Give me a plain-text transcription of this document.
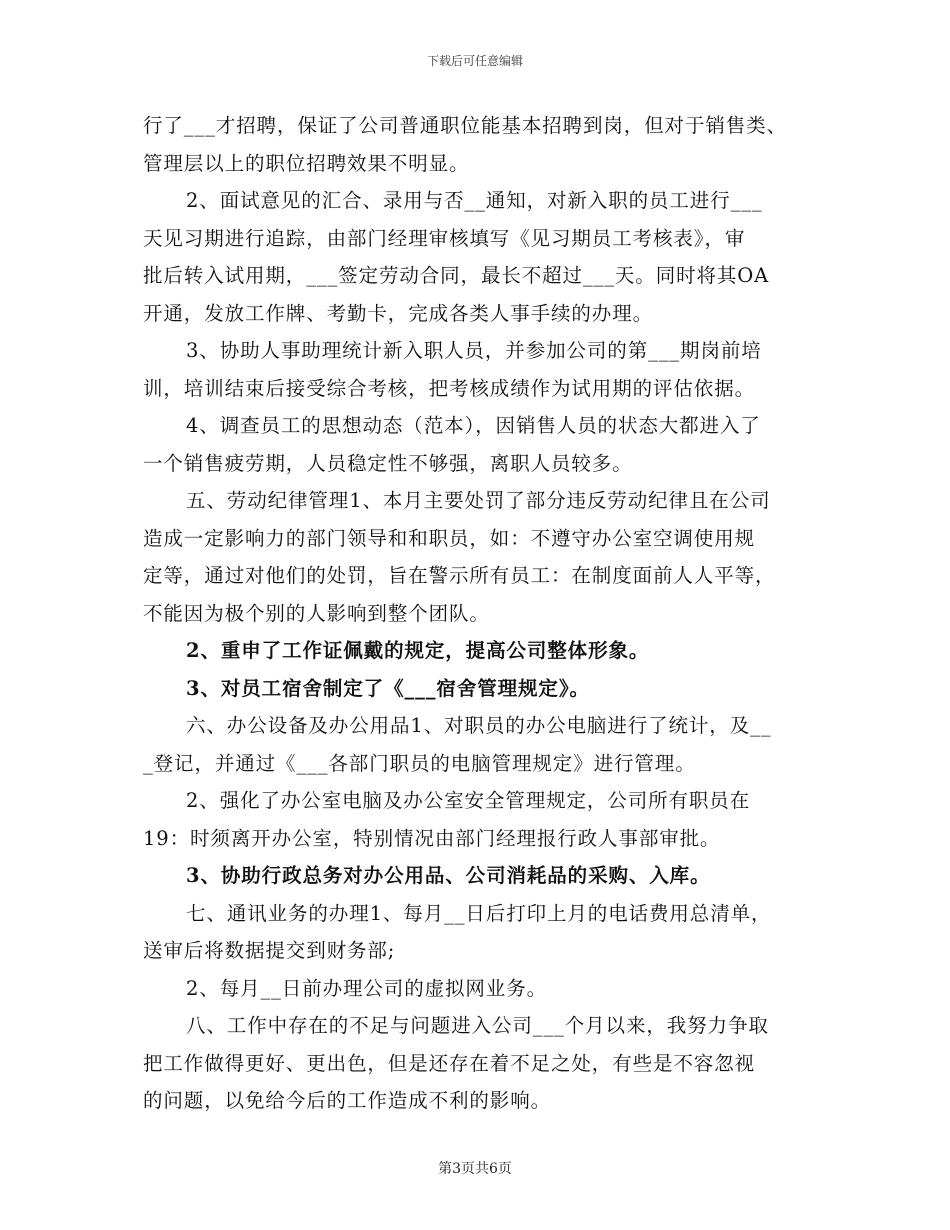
下载后可任意编辑
行了___才招聘，保证了公司普通职位能基本招聘到岗，但对于销售类、
管理层以上的职位招聘效果不明显。
2、面试意见的汇合、录用与否__通知，对新入职的员工进行___
天见习期进行追踪，由部门经理审核填写《见习期员工考核表》，审
批后转入试用期，___签定劳动合同，最长不超过___天。同时将其OA
开通，发放工作牌、考勤卡，完成各类人事手续的办理。
3、协助人事助理统计新入职人员，并参加公司的第___期岗前培
训，培训结束后接受综合考核，把考核成绩作为试用期的评估依据。
4、调查员工的思想动态（范本），因销售人员的状态大都进入了
一个销售疲劳期，人员稳定性不够强，离职人员较多。
五、劳动纪律管理1、本月主要处罚了部分违反劳动纪律且在公司
造成一定影响力的部门领导和和职员，如：不遵守办公室空调使用规
定等，通过对他们的处罚，旨在警示所有员工：在制度面前人人平等，
不能因为极个别的人影响到整个团队。
2、重申了工作证佩戴的规定，提高公司整体形象。
3、对员工宿舍制定了《___宿舍管理规定》。
六、办公设备及办公用品1、对职员的办公电脑进行了统计，及__
_登记，并通过《___各部门职员的电脑管理规定》进行管理。
2、强化了办公室电脑及办公室安全管理规定，公司所有职员在
19：时须离开办公室，特别情况由部门经理报行政人事部审批。
3、协助行政总务对办公用品、公司消耗品的采购、入库。
七、通讯业务的办理1、每月__日后打印上月的电话费用总清单，
送审后将数据提交到财务部;
2、每月__日前办理公司的虚拟网业务。
八、工作中存在的不足与问题进入公司___个月以来，我努力争取
把工作做得更好、更出色，但是还存在着不足之处，有些是不容忽视
的问题，以免给今后的工作造成不利的影响。
第3页共6页
